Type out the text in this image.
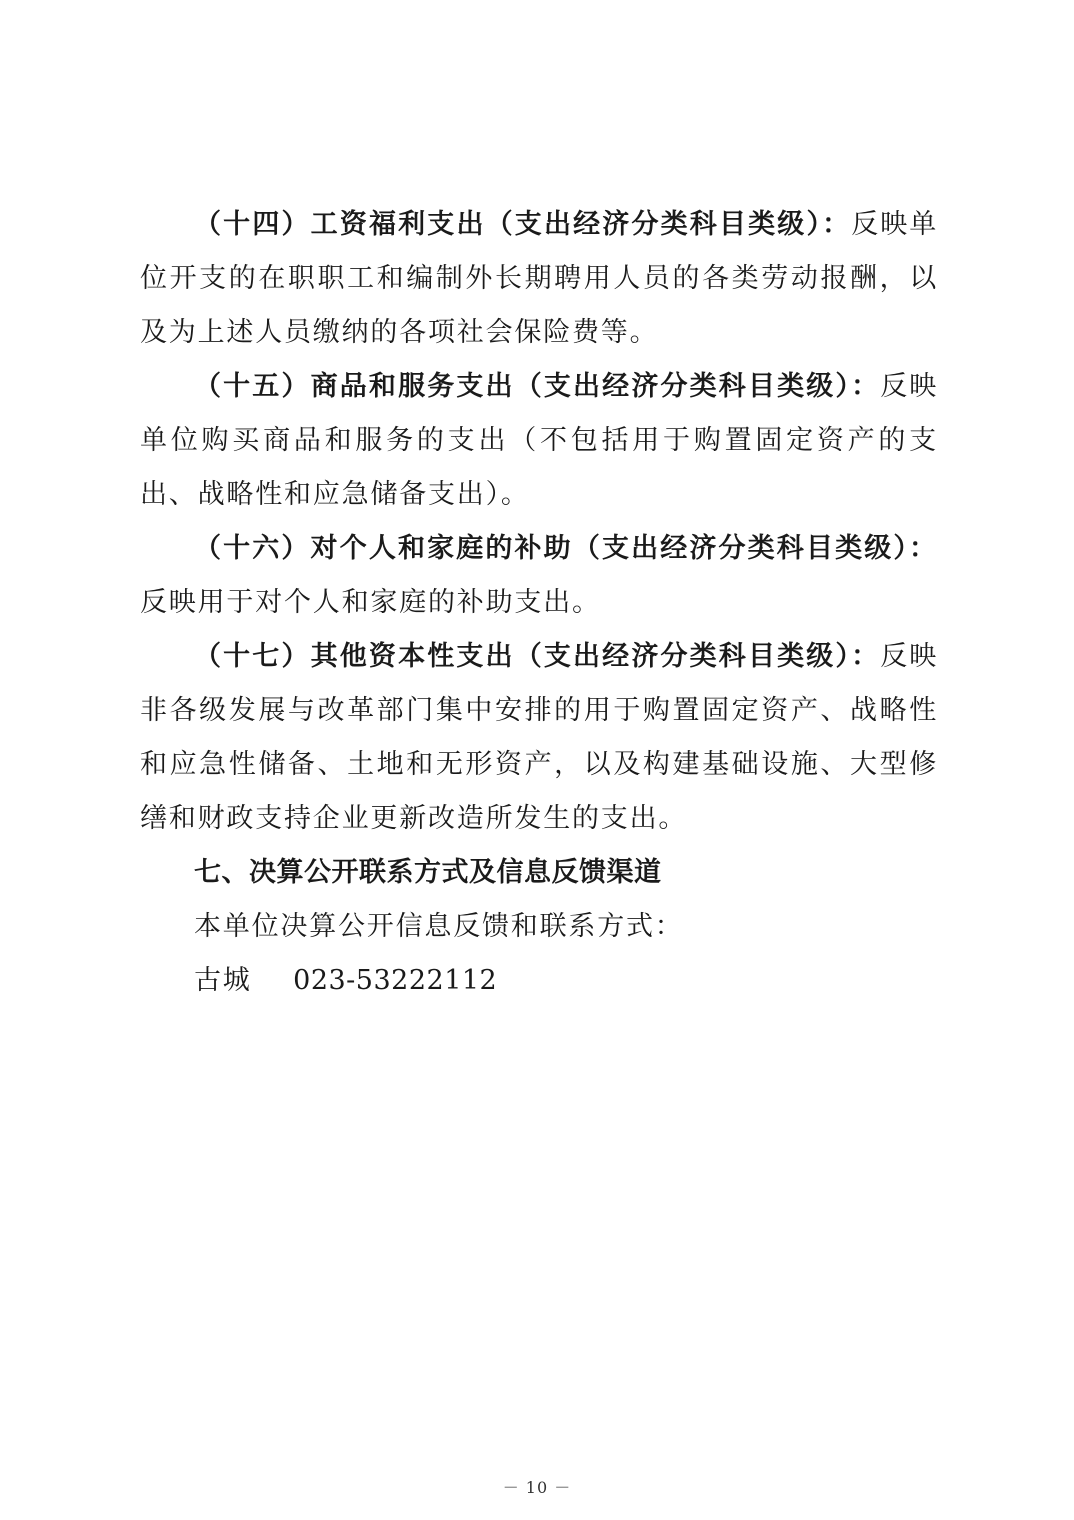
（十四）工资福利支出（支出经济分类科目类级）：反映单位开支的在职职工和编制外长期聘用人员的各类劳动报酬，以及为上述人员缴纳的各项社会保险费等。

（十五）商品和服务支出（支出经济分类科目类级）：反映单位购买商品和服务的支出（不包括用于购置固定资产的支出、战略性和应急储备支出）。

（十六）对个人和家庭的补助（支出经济分类科目类级）：反映用于对个人和家庭的补助支出。

（十七）其他资本性支出（支出经济分类科目类级）：反映非各级发展与改革部门集中安排的用于购置固定资产、战略性和应急性储备、土地和无形资产，以及构建基础设施、大型修缮和财政支持企业更新改造所发生的支出。

七、决算公开联系方式及信息反馈渠道

本单位决算公开信息反馈和联系方式：

古城 023-53222112

－ 10 －
